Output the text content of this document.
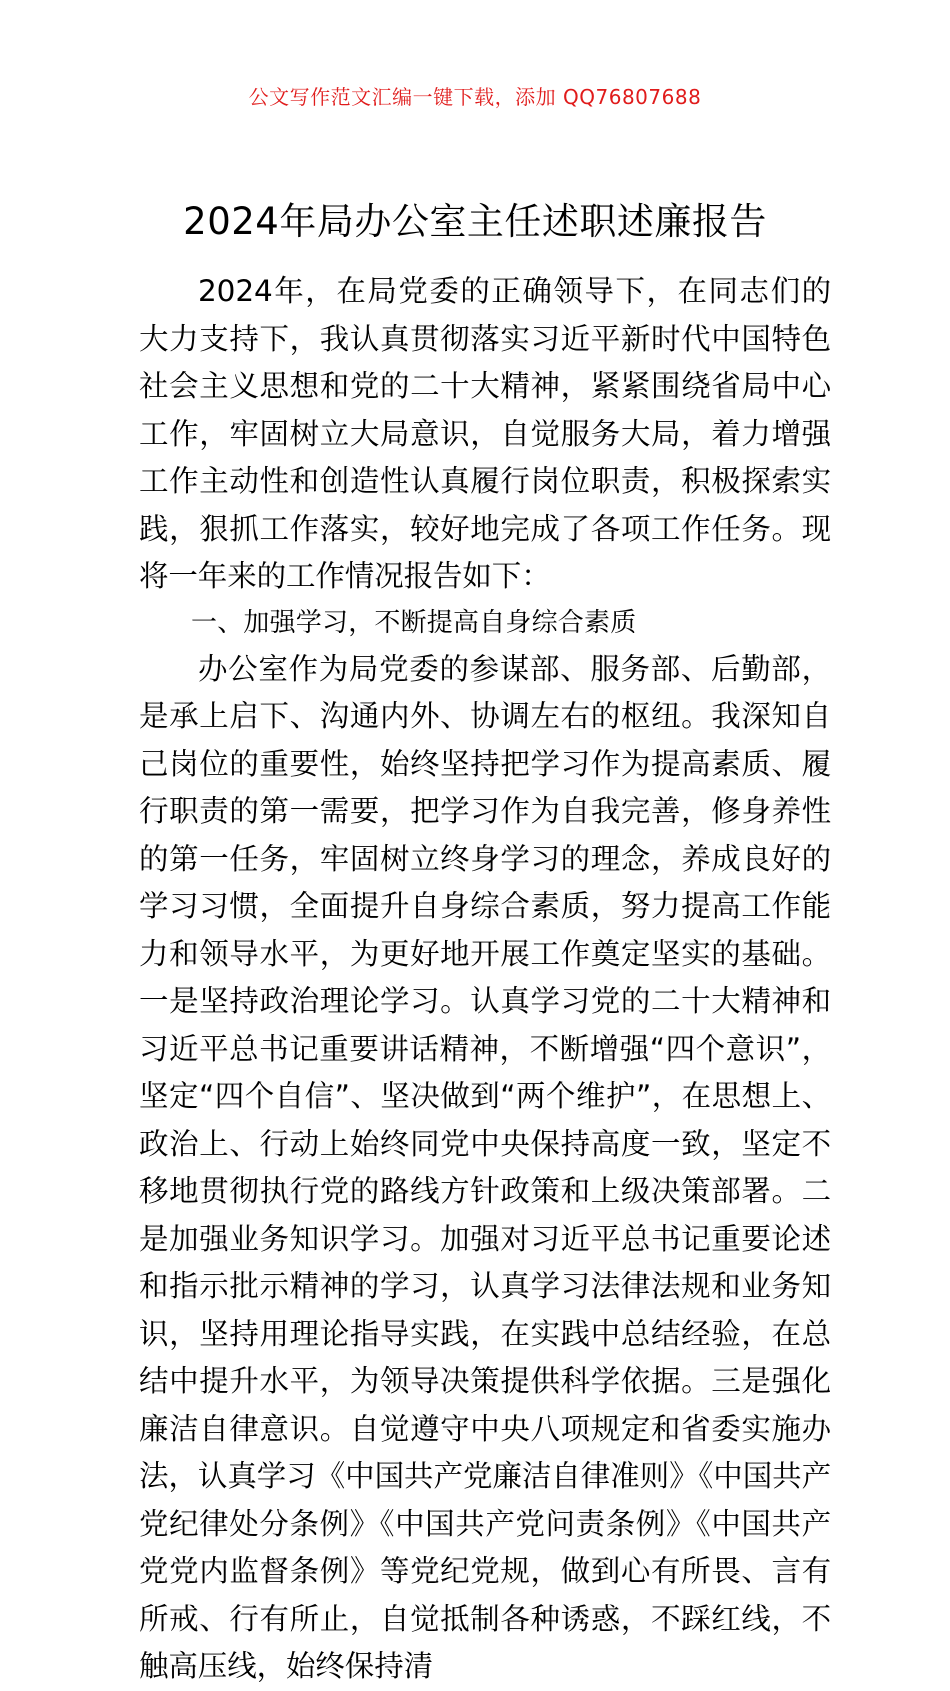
公文写作范文汇编一键下载，添加 QQ76807688
2024年局办公室主任述职述廉报告

2024年，在局党委的正确领导下，在同志们的大力支持下，我认真贯彻落实习近平新时代中国特色社会主义思想和党的二十大精神，紧紧围绕省局中心工作，牢固树立大局意识，自觉服务大局，着力增强工作主动性和创造性认真履行岗位职责，积极探索实践，狠抓工作落实，较好地完成了各项工作任务。现将一年来的工作情况报告如下：

一、加强学习，不断提高自身综合素质

办公室作为局党委的参谋部、服务部、后勤部，是承上启下、沟通内外、协调左右的枢纽。我深知自己岗位的重要性，始终坚持把学习作为提高素质、履行职责的第一需要，把学习作为自我完善，修身养性的第一任务，牢固树立终身学习的理念，养成良好的学习习惯，全面提升自身综合素质，努力提高工作能力和领导水平，为更好地开展工作奠定坚实的基础。一是坚持政治理论学习。认真学习党的二十大精神和习近平总书记重要讲话精神，不断增强“四个意识”，坚定“四个自信”、坚决做到“两个维护”，在思想上、政治上、行动上始终同党中央保持高度一致，坚定不移地贯彻执行党的路线方针政策和上级决策部署。二是加强业务知识学习。加强对习近平总书记重要论述和指示批示精神的学习，认真学习法律法规和业务知识，坚持用理论指导实践，在实践中总结经验，在总结中提升水平，为领导决策提供科学依据。三是强化廉洁自律意识。自觉遵守中央八项规定和省委实施办法，认真学习《中国共产党廉洁自律准则》《中国共产党纪律处分条例》《中国共产党问责条例》《中国共产党党内监督条例》等党纪党规，做到心有所畏、言有所戒、行有所止，自觉抵制各种诱惑，不踩红线，不触高压线，始终保持清
